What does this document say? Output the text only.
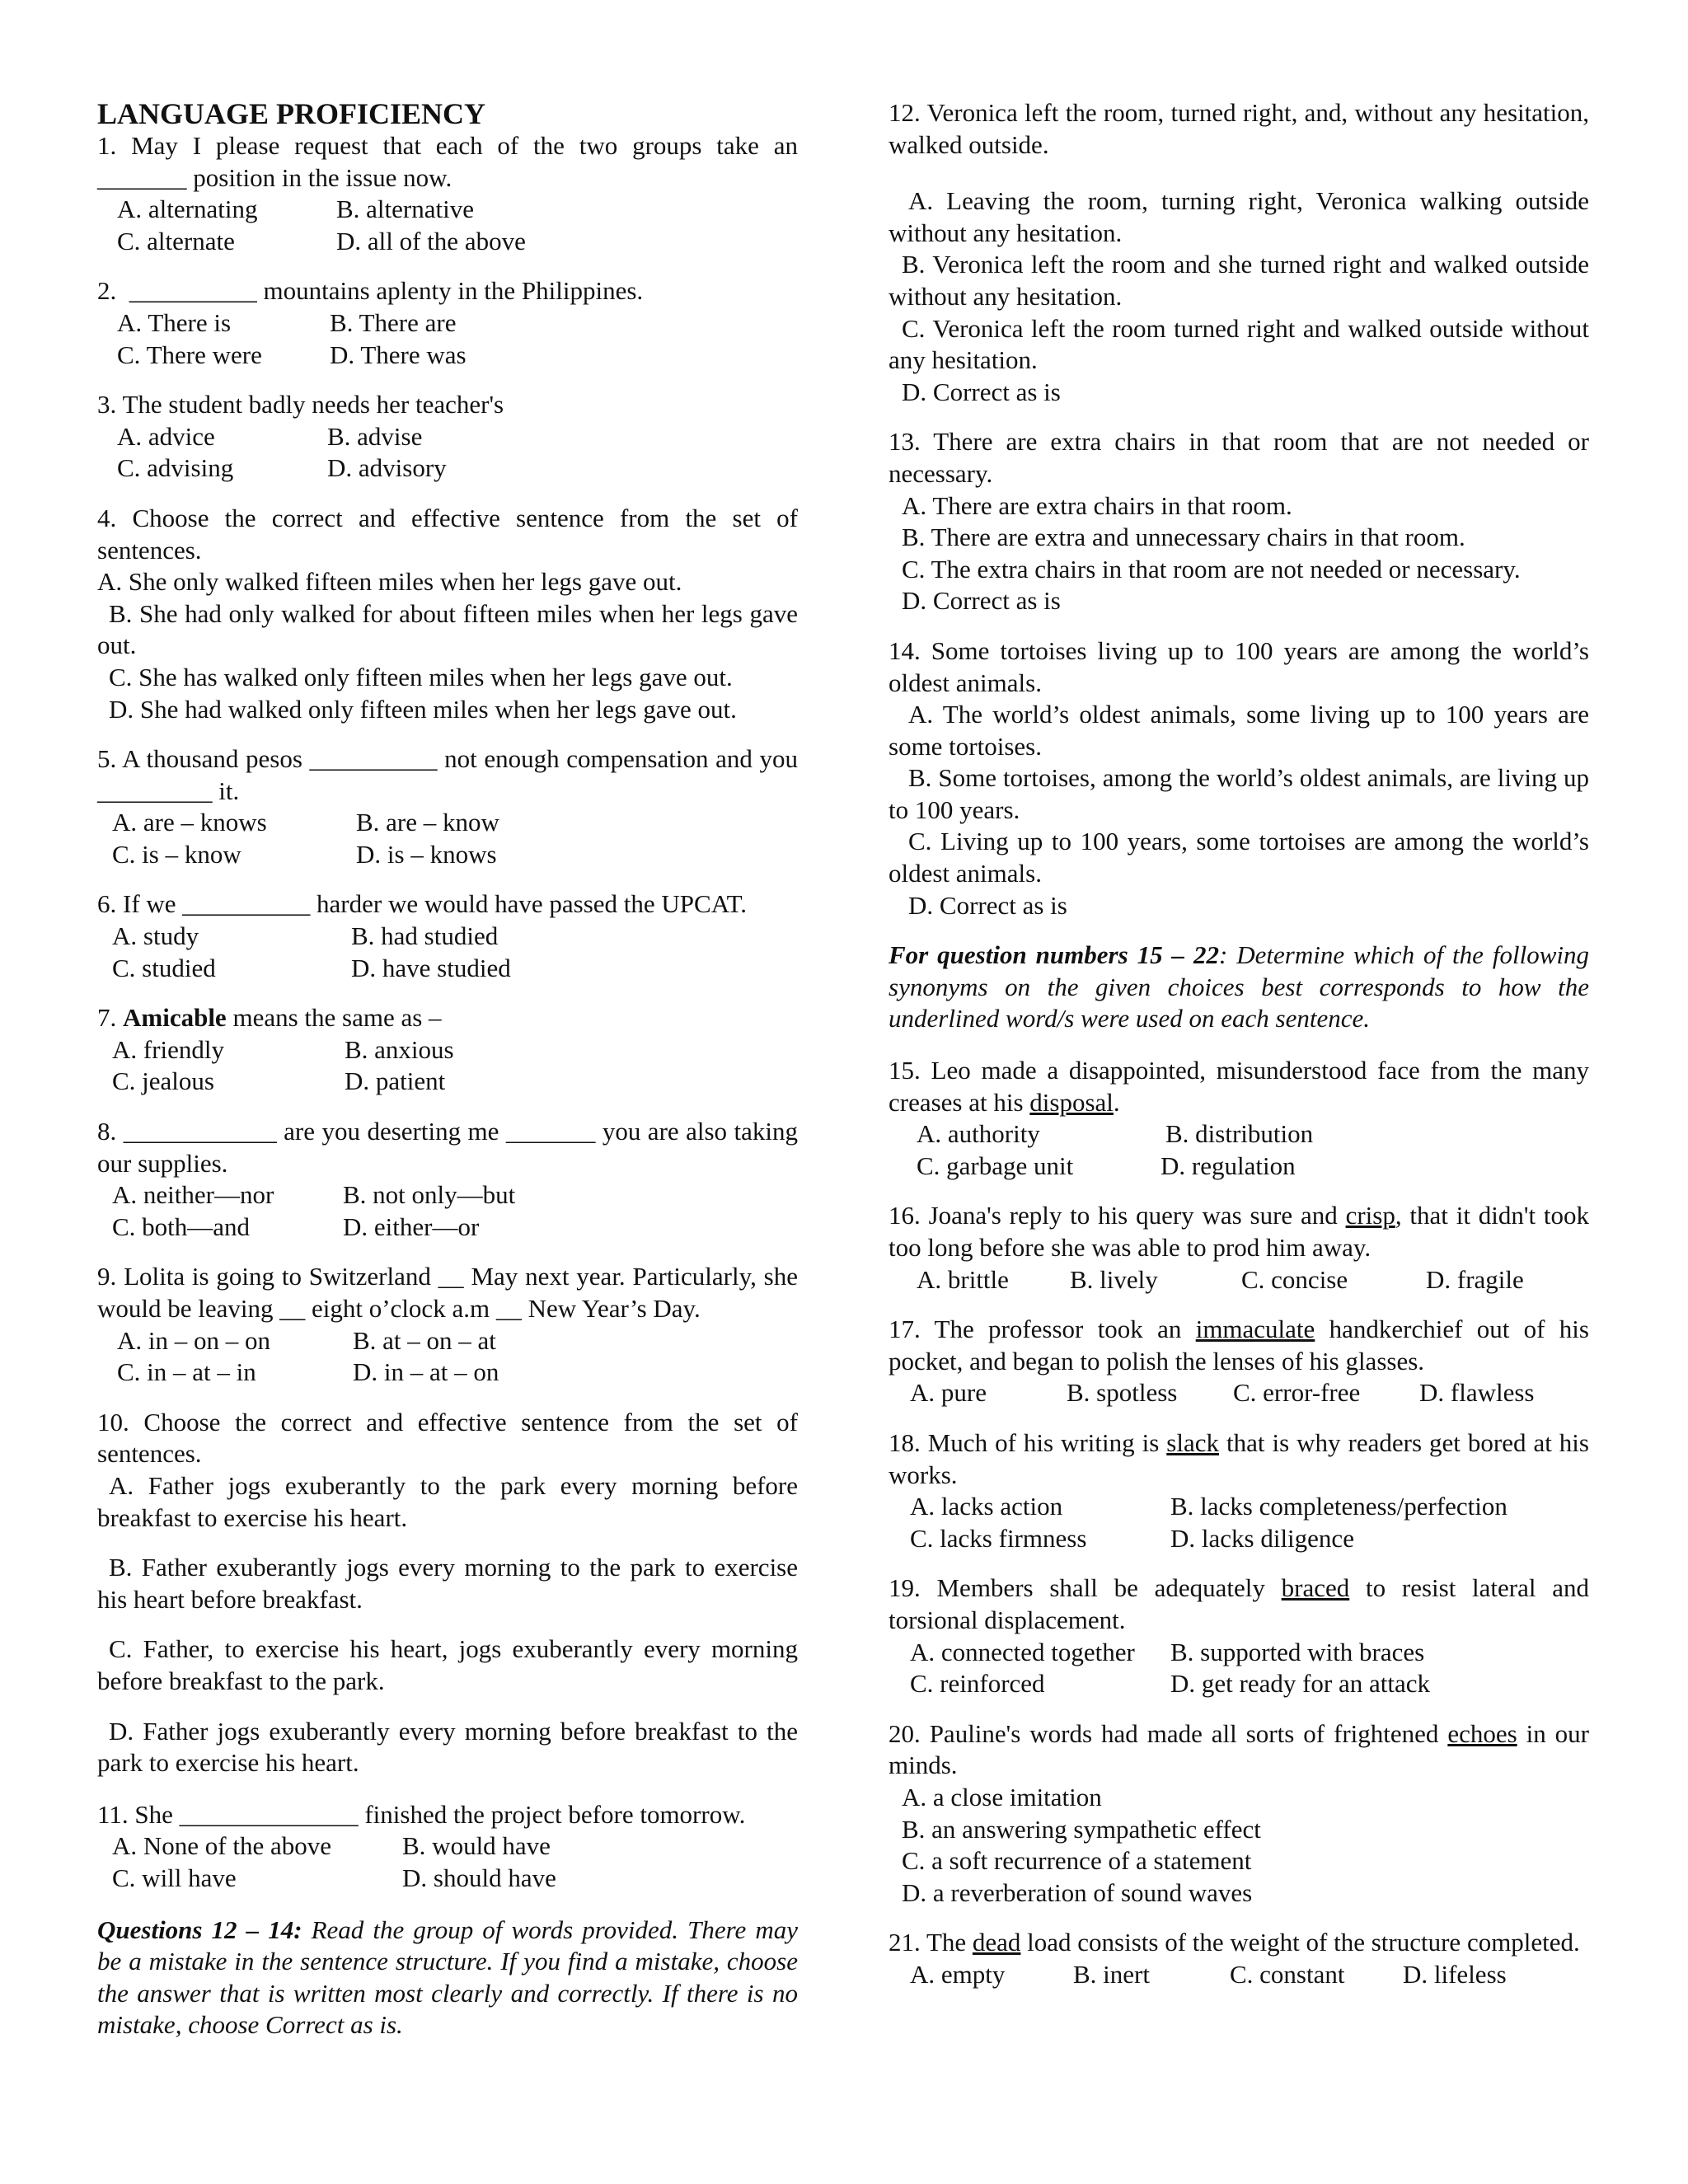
LANGUAGE PROFICIENCY
1. May I please request that each of the two groups take an
_______ position in the issue now.
A. alternating	B. alternative
C. alternate	D. all of the above
2. __________ mountains aplenty in the Philippines.
A. There is	B. There are
C. There were	D. There was
3. The student badly needs her teacher's
A. advice	B. advise
C. advising	D. advisory
4. Choose the correct and effective sentence from the set of sentences.
A. She only walked fifteen miles when her legs gave out.
B. She had only walked for about fifteen miles when her legs gave out.
C. She has walked only fifteen miles when her legs gave out.
D. She had walked only fifteen miles when her legs gave out.
5. A thousand pesos __________ not enough compensation and you _________ it.
A. are – knows	B. are – know
C. is – know	D. is – knows
6. If we __________ harder we would have passed the UPCAT.
A. study	B. had studied
C. studied	D. have studied
7. Amicable means the same as –
A. friendly	B. anxious
C. jealous	D. patient
8. ____________ are you deserting me _______ you are also taking our supplies.
A. neither—nor	B. not only—but
C. both—and	D. either—or
9. Lolita is going to Switzerland __ May next year. Particularly, she would be leaving __ eight o’clock a.m __ New Year’s Day.
A. in – on – on	B. at – on – at
C. in – at – in	D. in – at – on
10. Choose the correct and effective sentence from the set of sentences.
A. Father jogs exuberantly to the park every morning before breakfast to exercise his heart.
B. Father exuberantly jogs every morning to the park to exercise his heart before breakfast.
C. Father, to exercise his heart, jogs exuberantly every morning before breakfast to the park.
D. Father jogs exuberantly every morning before breakfast to the park to exercise his heart.
11. She ______________ finished the project before tomorrow.
A. None of the above	B. would have
C. will have	D. should have
Questions 12 – 14: Read the group of words provided. There may be a mistake in the sentence structure. If you find a mistake, choose the answer that is written most clearly and correctly. If there is no mistake, choose Correct as is.
12. Veronica left the room, turned right, and, without any hesitation, walked outside.
A. Leaving the room, turning right, Veronica walking outside without any hesitation.
B. Veronica left the room and she turned right and walked outside without any hesitation.
C. Veronica left the room turned right and walked outside without any hesitation.
D. Correct as is
13. There are extra chairs in that room that are not needed or necessary.
A. There are extra chairs in that room.
B. There are extra and unnecessary chairs in that room.
C. The extra chairs in that room are not needed or necessary.
D. Correct as is
14. Some tortoises living up to 100 years are among the world’s oldest animals.
A. The world’s oldest animals, some living up to 100 years are some tortoises.
B. Some tortoises, among the world’s oldest animals, are living up to 100 years.
C. Living up to 100 years, some tortoises are among the world’s oldest animals.
D. Correct as is
For question numbers 15 – 22: Determine which of the following synonyms on the given choices best corresponds to how the underlined word/s were used on each sentence.
15. Leo made a disappointed, misunderstood face from the many creases at his disposal.
A. authority	B. distribution
C. garbage unit	D. regulation
16. Joana's reply to his query was sure and crisp, that it didn't took too long before she was able to prod him away.
A. brittle	B. lively	C. concise	D. fragile
17. The professor took an immaculate handkerchief out of his pocket, and began to polish the lenses of his glasses.
A. pure	B. spotless	C. error-free	D. flawless
18. Much of his writing is slack that is why readers get bored at his works.
A. lacks action	B. lacks completeness/perfection
C. lacks firmness	D. lacks diligence
19. Members shall be adequately braced to resist lateral and torsional displacement.
A. connected together	B. supported with braces
C. reinforced	D. get ready for an attack
20. Pauline's words had made all sorts of frightened echoes in our minds.
A. a close imitation
B. an answering sympathetic effect
C. a soft recurrence of a statement
D. a reverberation of sound waves
21. The dead load consists of the weight of the structure completed.
A. empty	B. inert	C. constant	D. lifeless
